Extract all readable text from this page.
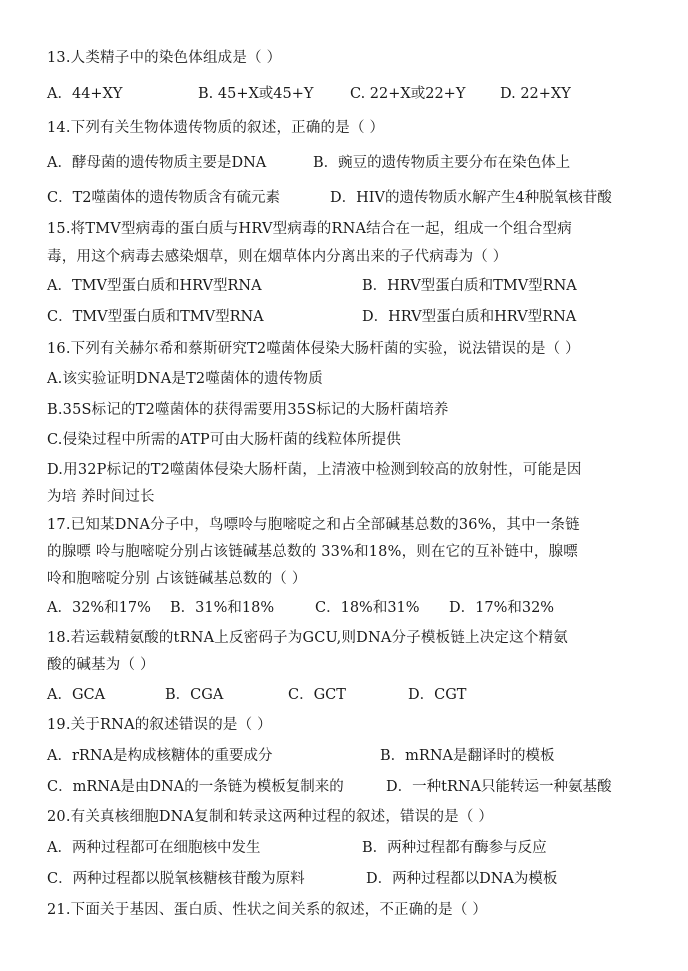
13.人类精子中的染色体组成是（ ）
A．44+XY	B. 45+X或45+Y	C. 22+X或22+Y D. 22+XY
14.下列有关生物体遗传物质的叙述，正确的是（ ）
A．酵母菌的遗传物质主要是DNA	B．豌豆的遗传物质主要分布在染色体上
C．T2噬菌体的遗传物质含有硫元素	D．HIV的遗传物质水解产生4种脱氧核苷酸
15.将TMV型病毒的蛋白质与HRV型病毒的RNA结合在一起，组成一个组合型病
毒，用这个病毒去感染烟草，则在烟草体内分离出来的子代病毒为（ ）
A．TMV型蛋白质和HRV型RNA	B．HRV型蛋白质和TMV型RNA
C．TMV型蛋白质和TMV型RNA	D．HRV型蛋白质和HRV型RNA
16.下列有关赫尔希和蔡斯研究T2噬菌体侵染大肠杆菌的实验，说法错误的是（ ）
A.该实验证明DNA是T2噬菌体的遗传物质
B.35S标记的T2噬菌体的获得需要用35S标记的大肠杆菌培养
C.侵染过程中所需的ATP可由大肠杆菌的线粒体所提供
D.用32P标记的T2噬菌体侵染大肠杆菌，上清液中检测到较高的放射性，可能是因
为培 养时间过长
17.已知某DNA分子中，鸟嘌呤与胞嘧啶之和占全部碱基总数的36%，其中一条链
的腺嘌 呤与胞嘧啶分别占该链碱基总数的 33%和18%，则在它的互补链中，腺嘌
呤和胞嘧啶分别 占该链碱基总数的（ ）
A．32%和17% B．31%和18%	C．18%和31% D．17%和32%
18.若运载精氨酸的tRNA上反密码子为GCU,则DNA分子模板链上决定这个精氨
酸的碱基为（ ）
A．GCA	B．CGA	C．GCT	D．CGT
19.关于RNA的叙述错误的是（ ）
A．rRNA是构成核糖体的重要成分	B．mRNA是翻译时的模板
C．mRNA是由DNA的一条链为模板复制来的	D．一种tRNA只能转运一种氨基酸
20.有关真核细胞DNA复制和转录这两种过程的叙述，错误的是（ ）
A．两种过程都可在细胞核中发生	B．两种过程都有酶参与反应
C．两种过程都以脱氧核糖核苷酸为原料	D．两种过程都以DNA为模板
21.下面关于基因、蛋白质、性状之间关系的叙述，不正确的是（ ）
